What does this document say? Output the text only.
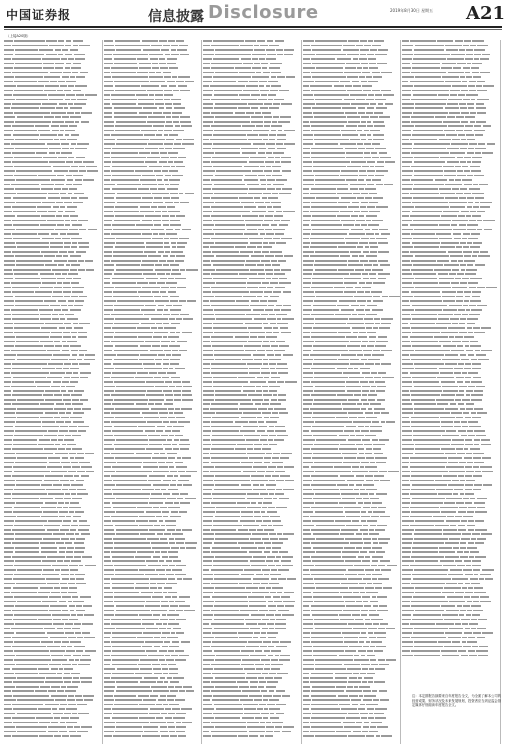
中国证券报	信息披露 Disclosure	2019年8月30日 星期五 A21
（上接A20版）
注：本定期报告摘要来自年度报告全文，为全面了解本公司的经营成果、财务状况及未来发展规划，投资者应当到证监会指定媒体仔细阅读年度报告全文。
